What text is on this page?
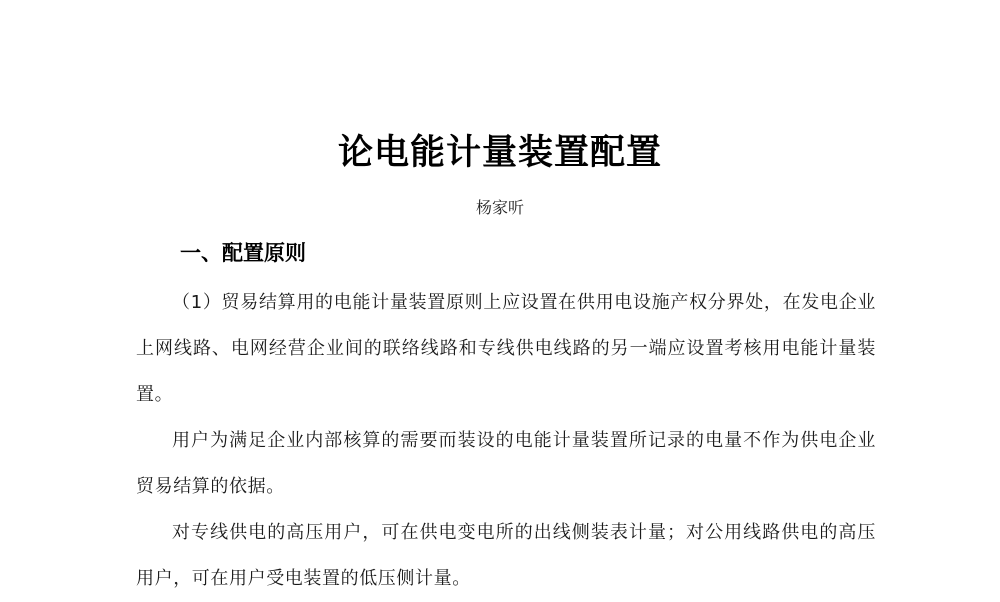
论电能计量装置配置
杨家听
一、配置原则
（1）贸易结算用的电能计量装置原则上应设置在供用电设施产权分界处，在发电企业上网线路、电网经营企业间的联络线路和专线供电线路的另一端应设置考核用电能计量装置。
用户为满足企业内部核算的需要而装设的电能计量装置所记录的电量不作为供电企业贸易结算的依据。
对专线供电的高压用户，可在供电变电所的出线侧装表计量；对公用线路供电的高压用户，可在用户受电装置的低压侧计量。
